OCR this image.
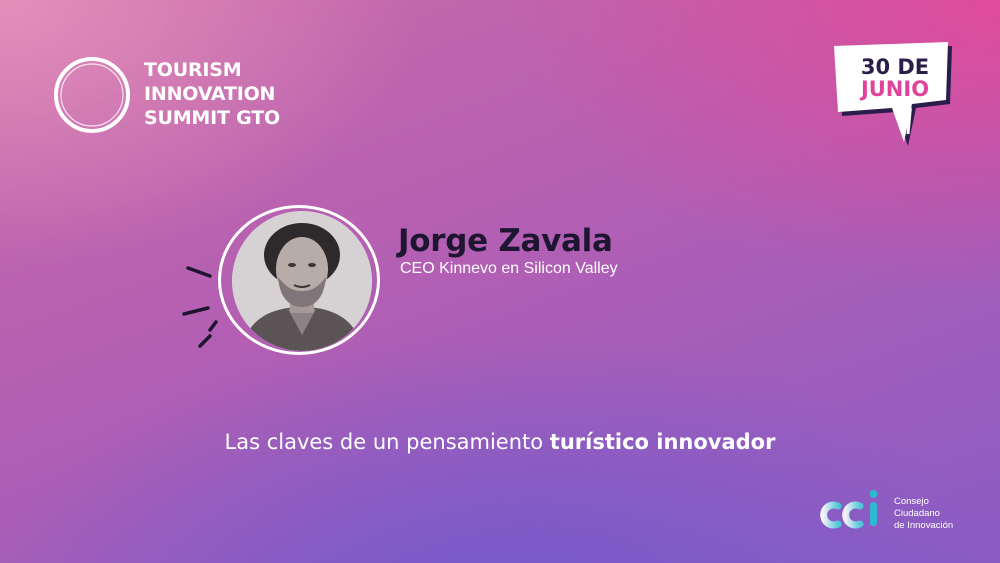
TOURISM
INNOVATION
SUMMIT GTO
30 DE
JUNIO
Jorge Zavala
CEO Kinnevo en Silicon Valley
Las claves de un pensamiento turístico innovador
Consejo
Ciudadano
de Innovación
